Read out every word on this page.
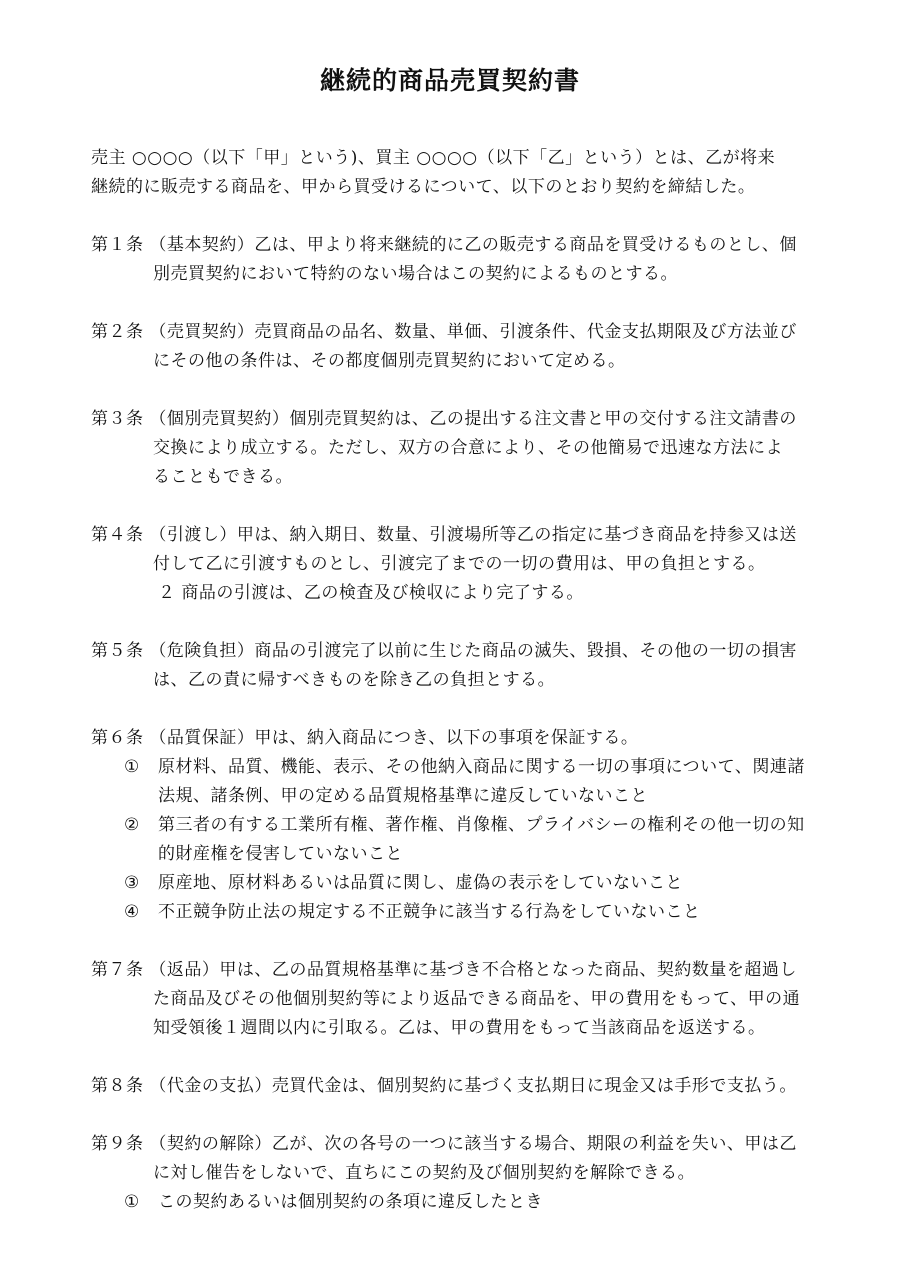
継続的商品売買契約書
売主 ○○○○（以下「甲」という)、買主 ○○○○（以下「乙」という）とは、乙が将来
継続的に販売する商品を、甲から買受けるについて、以下のとおり契約を締結した。
第１条 （基本契約）乙は、甲より将来継続的に乙の販売する商品を買受けるものとし、個
別売買契約において特約のない場合はこの契約によるものとする。
第２条 （売買契約）売買商品の品名、数量、単価、引渡条件、代金支払期限及び方法並び
にその他の条件は、その都度個別売買契約において定める。
第３条 （個別売買契約）個別売買契約は、乙の提出する注文書と甲の交付する注文請書の
交換により成立する。ただし、双方の合意により、その他簡易で迅速な方法によ
ることもできる。
第４条 （引渡し）甲は、納入期日、数量、引渡場所等乙の指定に基づき商品を持参又は送
付して乙に引渡すものとし、引渡完了までの一切の費用は、甲の負担とする。
２ 商品の引渡は、乙の検査及び検収により完了する。
第５条 （危険負担）商品の引渡完了以前に生じた商品の滅失、毀損、その他の一切の損害
は、乙の責に帰すべきものを除き乙の負担とする。
第６条 （品質保証）甲は、納入商品につき、以下の事項を保証する。
① 原材料、品質、機能、表示、その他納入商品に関する一切の事項について、関連諸
法規、諸条例、甲の定める品質規格基準に違反していないこと
② 第三者の有する工業所有権、著作権、肖像権、プライバシーの権利その他一切の知
的財産権を侵害していないこと
③ 原産地、原材料あるいは品質に関し、虚偽の表示をしていないこと
④ 不正競争防止法の規定する不正競争に該当する行為をしていないこと
第７条 （返品）甲は、乙の品質規格基準に基づき不合格となった商品、契約数量を超過し
た商品及びその他個別契約等により返品できる商品を、甲の費用をもって、甲の通
知受領後１週間以内に引取る。乙は、甲の費用をもって当該商品を返送する。
第８条 （代金の支払）売買代金は、個別契約に基づく支払期日に現金又は手形で支払う。
第９条 （契約の解除）乙が、次の各号の一つに該当する場合、期限の利益を失い、甲は乙
に対し催告をしないで、直ちにこの契約及び個別契約を解除できる。
① この契約あるいは個別契約の条項に違反したとき
